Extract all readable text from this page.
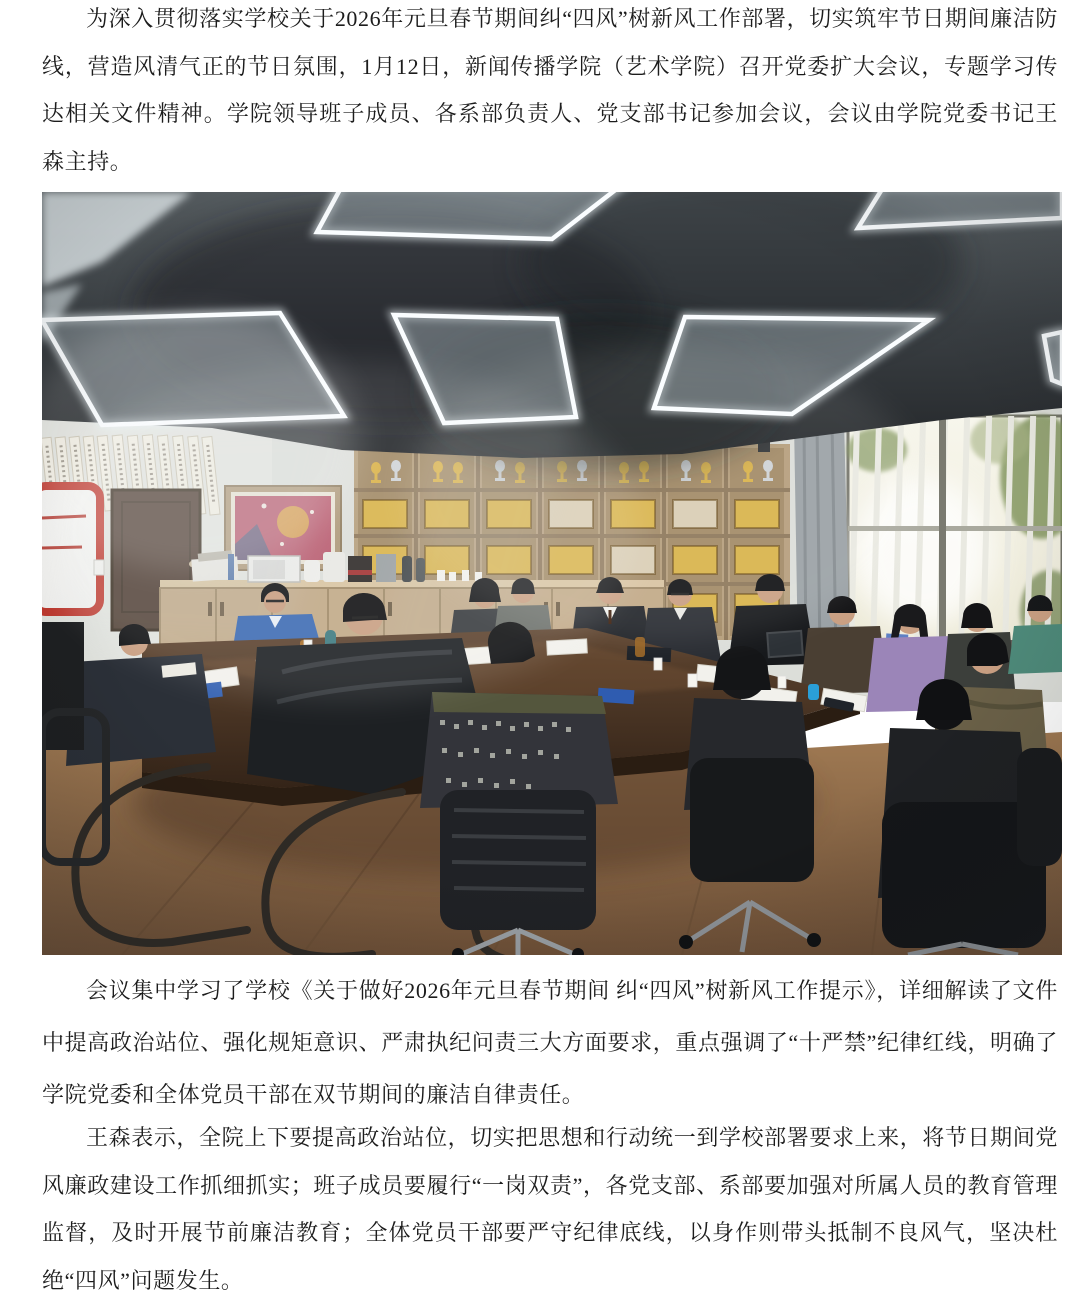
为深入贯彻落实学校关于2026年元旦春节期间纠“四风”树新风工作部署，切实筑牢节日期间廉洁防线，营造风清气正的节日氛围，1月12日，新闻传播学院（艺术学院）召开党委扩大会议，专题学习传达相关文件精神。学院领导班子成员、各系部负责人、党支部书记参加会议，会议由学院党委书记王森主持。

会议集中学习了学校《关于做好2026年元旦春节期间 纠“四风”树新风工作提示》，详细解读了文件中提高政治站位、强化规矩意识、严肃执纪问责三大方面要求，重点强调了“十严禁”纪律红线，明确了学院党委和全体党员干部在双节期间的廉洁自律责任。

王森表示，全院上下要提高政治站位，切实把思想和行动统一到学校部署要求上来，将节日期间党风廉政建设工作抓细抓实；班子成员要履行“一岗双责”，各党支部、系部要加强对所属人员的教育管理监督，及时开展节前廉洁教育；全体党员干部要严守纪律底线，以身作则带头抵制不良风气，坚决杜绝“四风”问题发生。
